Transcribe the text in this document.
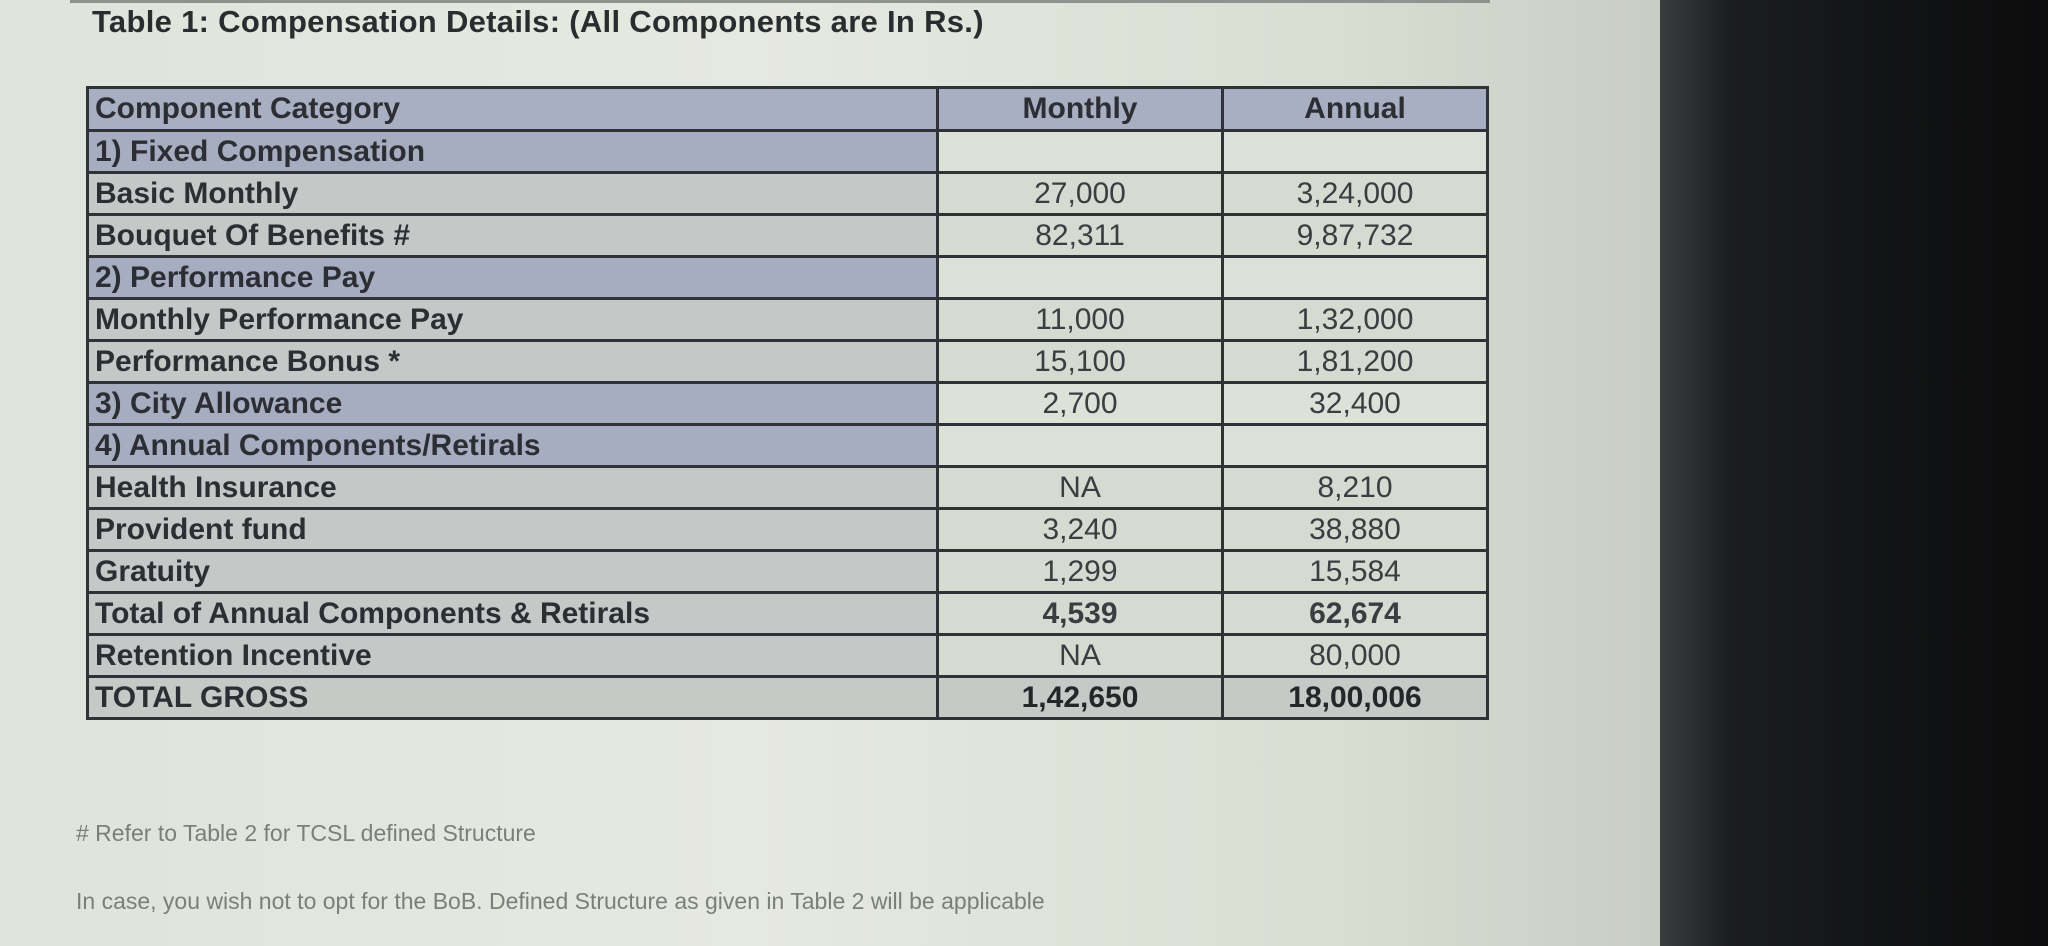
Table 1: Compensation Details: (All Components are In Rs.)
Component Category	Monthly	Annual
1) Fixed Compensation		
Basic Monthly	27,000	3,24,000
Bouquet Of Benefits #	82,311	9,87,732
2) Performance Pay		
Monthly Performance Pay	11,000	1,32,000
Performance Bonus *	15,100	1,81,200
3) City Allowance	2,700	32,400
4) Annual Components/Retirals		
Health Insurance	NA	8,210
Provident fund	3,240	38,880
Gratuity	1,299	15,584
Total of Annual Components & Retirals	4,539	62,674
Retention Incentive	NA	80,000
TOTAL GROSS	1,42,650	18,00,006
# Refer to Table 2 for TCSL defined Structure
In case, you wish not to opt for the BoB. Defined Structure as given in Table 2 will be applicable
